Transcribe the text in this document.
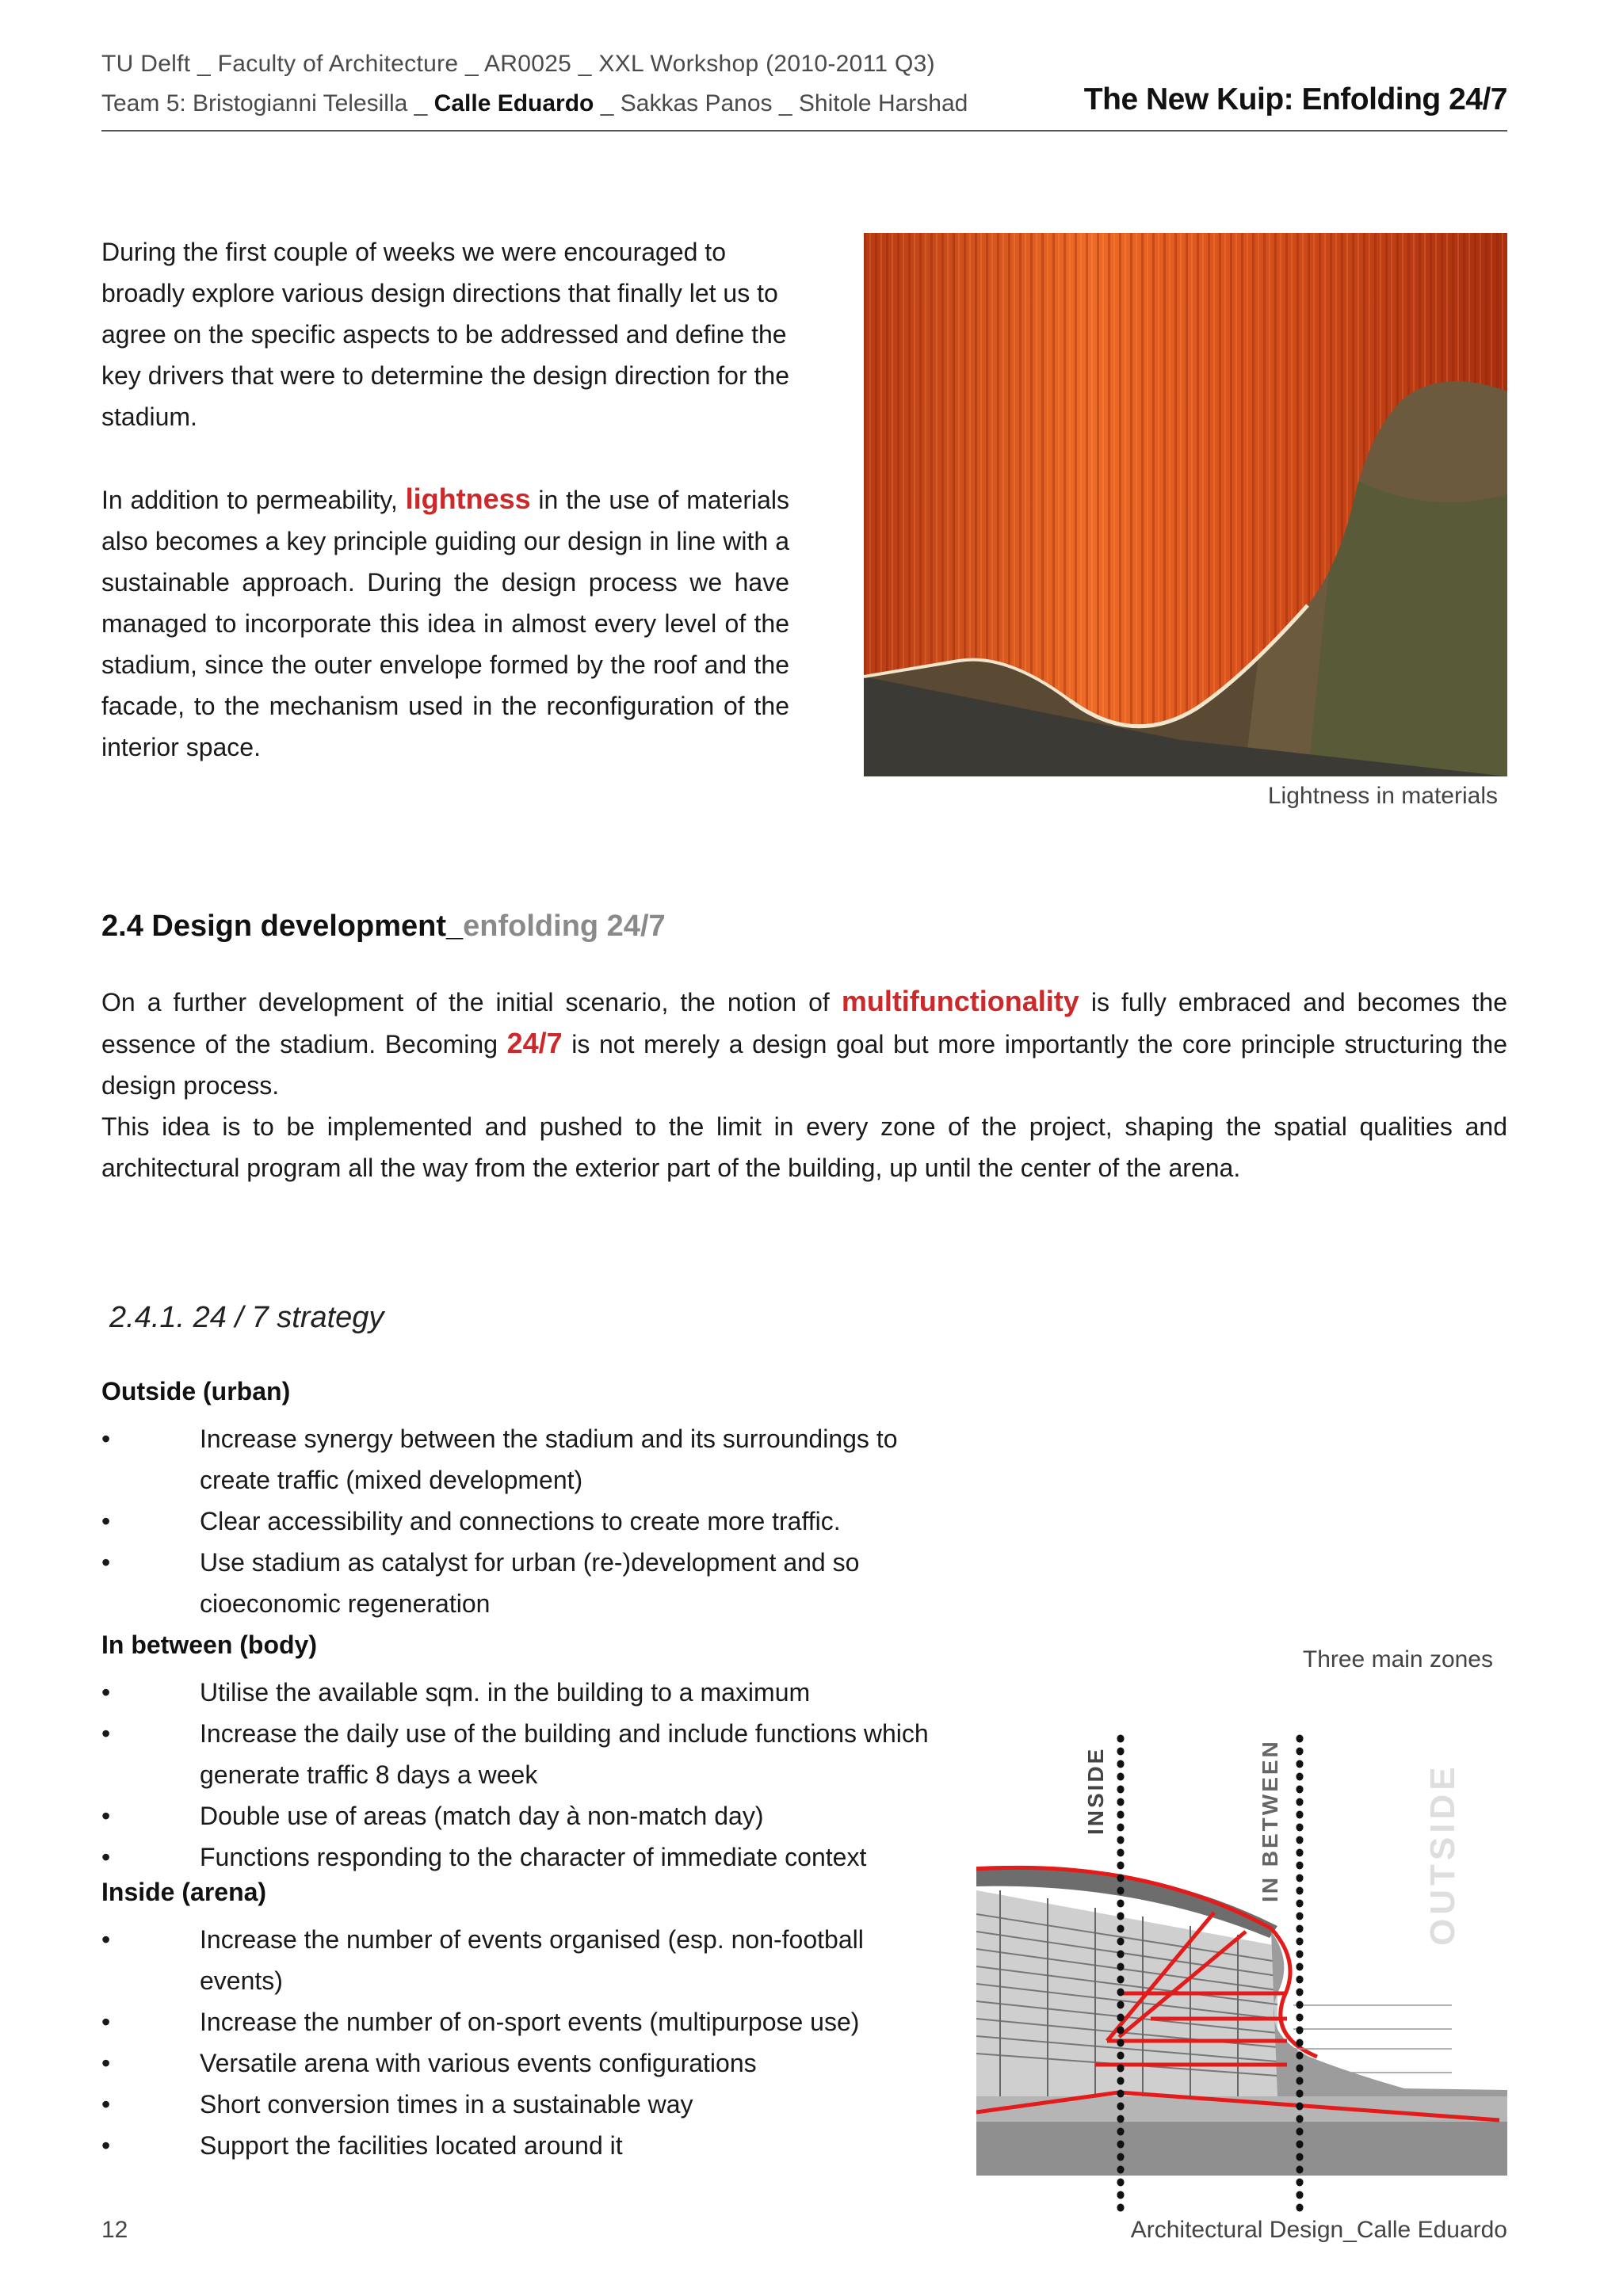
TU Delft _ Faculty of Architecture _ AR0025 _ XXL Workshop (2010-2011 Q3)
Team 5: Bristogianni Telesilla _ Calle Eduardo _ Sakkas Panos _ Shitole Harshad	The New Kuip: Enfolding 24/7
During the first couple of weeks we were encouraged to broadly explore various design directions that finally let us to agree on the specific aspects to be addressed and define the key drivers that were to determine the design direction for the stadium.
In addition to permeability, lightness in the use of materials also becomes a key principle guiding our design in line with a sustainable approach. During the design process we have managed to incorporate this idea in almost every level of the stadium, since the outer envelope formed by the roof and the facade, to the mechanism used in the reconfiguration of the interior space.
Lightness in materials
2.4 Design development_enfolding 24/7
On a further development of the initial scenario, the notion of multifunctionality is fully embraced and becomes the essence of the stadium. Becoming 24/7 is not merely a design goal but more importantly the core principle structuring the design process.
This idea is to be implemented and pushed to the limit in every zone of the project, shaping the spatial qualities and architectural program all the way from the exterior part of the building, up until the center of the arena.
2.4.1. 24 / 7 strategy
Outside (urban)
•	Increase synergy between the stadium and its surroundings to create traffic (mixed development)
•	Clear accessibility and connections to create more traffic.
•	Use stadium as catalyst for urban (re-)development and so cioeconomic regeneration
In between (body)
•	Utilise the available sqm. in the building to a maximum
•	Increase the daily use of the building and include functions which generate traffic 8 days a week
•	Double use of areas (match day à non-match day)
•	Functions responding to the character of immediate context
Inside (arena)
•	Increase the number of events organised (esp. non-football events)
•	Increase the number of on-sport events (multipurpose use)
•	Versatile arena with various events configurations
•	Short conversion times in a sustainable way
•	Support the facilities located around it
Three main zones
INSIDE	IN BETWEEN	OUTSIDE
12	Architectural Design_Calle Eduardo
